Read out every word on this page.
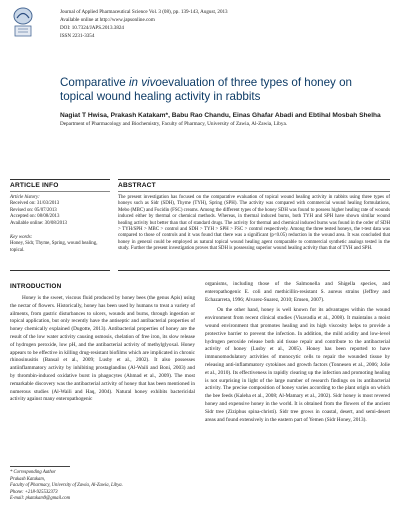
Journal of Applied Pharmaceutical Science Vol. 3 (08), pp. 139-143, August, 2013
Available online at http://www.japsonline.com
DOI: 10.7324/JAPS.2013.3824
ISSN 2231-3354
Comparative in vivoevaluation of three types of honey on topical wound healing activity in rabbits
Nagiat T Hwisa, Prakash Katakam*, Babu Rao Chandu, Einas Ghafar Abadi and Ebtihal Mosbah Shelha
Department of Pharmacology and Biochemistry, Faculty of Pharmacy, University of Zawia, Al-Zawia, Libya.
ARTICLE INFO
Article history:
Received on: 31/03/2013
Revised on: 05/07/2013
Accepted on: 08/08/2013
Available online: 30/08/2013
Key words:
Honey, Sidr, Thyme, Spring, wound healing, topical.
ABSTRACT
The present investigation has focused on the comparative evaluation of topical wound healing activity in rabbits using three types of honeys such as Sidr (SDH), Thyme (TYH), Spring (SPH). The activity was compared with commercial wound healing formulations, Mebo (MBC) and Fucidin (FSC) creams. Among the different types of the honey SDH was found to possess higher healing rate of wounds induced either by thermal or chemical methods. Whereas, in thermal induced burns, both TYH and SPH have shown similar wound healing activity but better than that of standard drugs. The activity for thermal and chemical induced burns was found in the order of SDH > TYH/SPH > MBC > control and SDH > TYH > SPH > FSC > control respectively. Among the three tested honeys, the t-test data was compared to those of controls and it was found that there was a significant (p<0.05) reduction in the wound area. It was concluded that honey in general could be employed as natural topical wound healing agent comparable to commercial synthetic analogs tested in the study. Further the present investigation proves that SDH is possessing superior wound healing activity than that of TYH and SPH.
INTRODUCTION

Honey is the sweet, viscous fluid produced by honey bees (the genus Apis) using the nectar of flowers. Historically, honey has been used by humans to treat a variety of ailments, from gastric disturbances to ulcers, wounds and burns, through ingestion or topical application, but only recently have the antiseptic and antibacterial properties of honey chemically explained (Dugotte, 2013). Antibacterial properties of honey are the result of the low water activity causing osmosis, chelation of free iron, its slow release of hydrogen peroxide, low pH, and the antibacterial activity of methylglyoxal. Honey appears to be effective in killing drug-resistant biofilms which are implicated in chronic rhinosinusitis (Bansal et al., 2009; Lusby et al., 2002). It also possesses antiinflammatory activity by inhibiting prostaglandins (Al-Waili and Boni, 2003) and by thrombin-induced oxidative burst in phagocytes (Ahmad et al., 2009). The most remarkable discovery was the antibacterial activity of honey that has been mentioned in numerous studies (Al-Waili and Haq, 2004). Natural honey exhibits bactericidal activity against many enteropathogenic

* Corresponding Author
Prakash Katakam,
Faculty of Pharmacy, University of Zawia, Al-Zawia, Libya.
Phone: +218-925532373
E-mail: pkatakam9@gmail.com
organisms, including those of the Salmonella and Shigella species, and enteropathogenic E. coli and methicillin-resistant S. aureus strains (Jeffrey and Echazarreta, 1996; Alvarez-Suarez, 2010; Emsen, 2007).

On the other hand, honey is well known for its advantages within the wound environment from recent clinical studies (Visavadia et al., 2008). It maintains a moist wound environment that promotes healing and its high viscosity helps to provide a protective barrier to prevent the infection. In addition, the mild acidity and low-level hydrogen peroxide release both aid tissue repair and contribute to the antibacterial activity of honey (Lusby et al., 2005). Honey has been reported to have immunomodulatory activities of monocytic cells to repair the wounded tissue by releasing anti-inflammatory cytokines and growth factors (Tonnesen et al., 2006; Jolie et al., 2010). Its effectiveness in rapidly clearing up the infection and promoting healing is not surprising in light of the large number of research findings on its antibacterial activity. The precise composition of honey varies according to the plant origin on which the bee feeds (Kaleha et al., 2008; Al-Mamary et al., 2002). Sidr honey is most revered honey and expensive honey in the world. It is obtained from the flowers of the ancient Sidr tree (Ziziphus spina-christi). Sidr tree grows in coastal, desert, and semi-desert areas and found extensively in the eastern part of Yemen (Sidr Honey, 2013).
